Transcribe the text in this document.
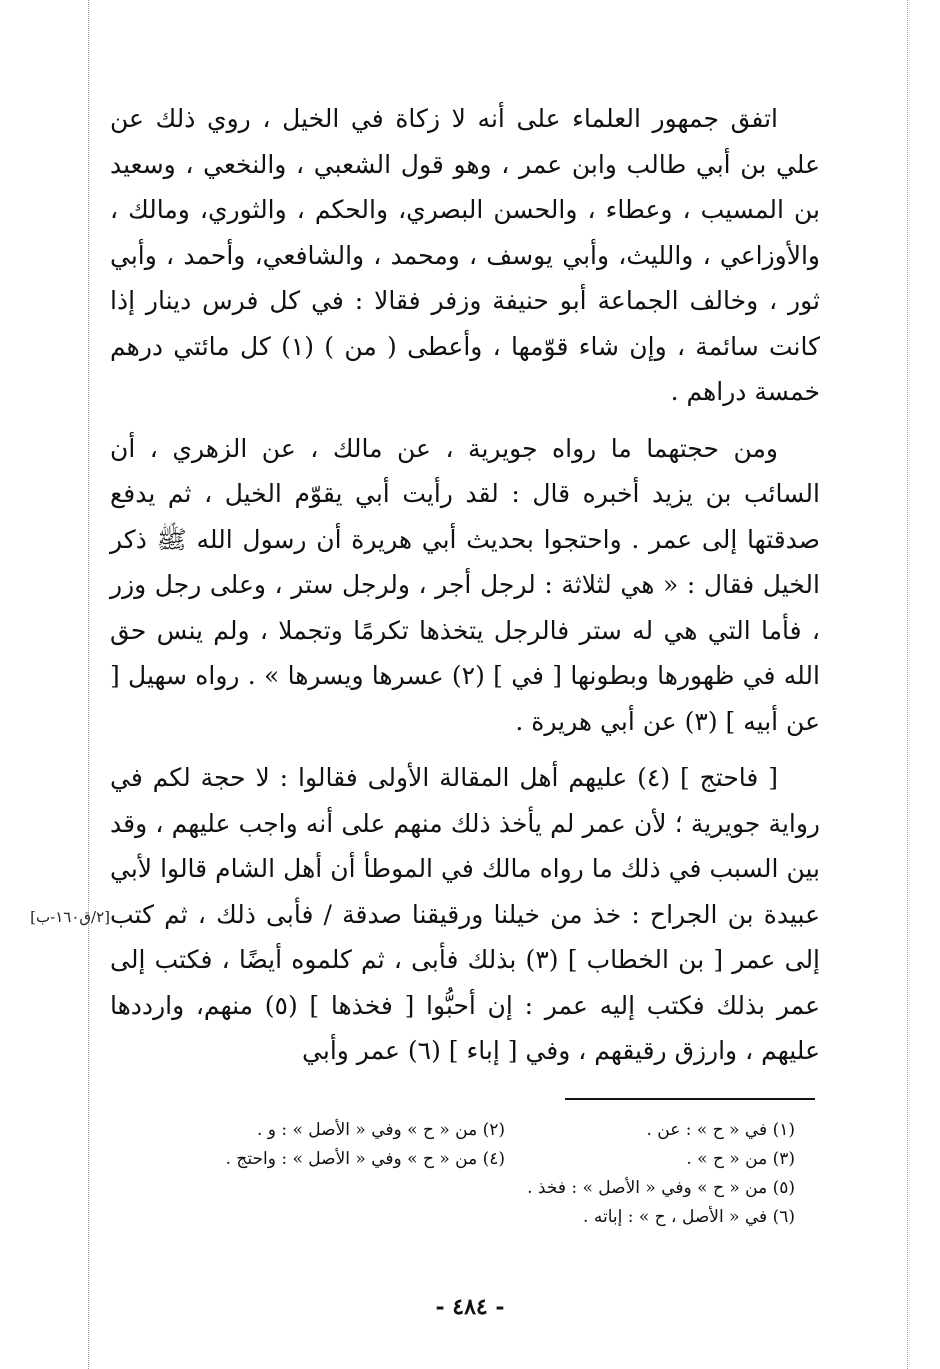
اتفق جمهور العلماء على أنه لا زكاة في الخيل ، روي ذلك عن علي بن أبي طالب وابن عمر ، وهو قول الشعبي ، والنخعي ، وسعيد بن المسيب ، وعطاء ، والحسن البصري، والحكم ، والثوري، ومالك ، والأوزاعي ، والليث، وأبي يوسف ، ومحمد ، والشافعي، وأحمد ، وأبي ثور ، وخالف الجماعة أبو حنيفة وزفر فقالا : في كل فرس دينار إذا كانت سائمة ، وإن شاء قوّمها ، وأعطى ( من ) (١) كل مائتي درهم خمسة دراهم .

ومن حجتهما ما رواه جويرية ، عن مالك ، عن الزهري ، أن السائب بن يزيد أخبره قال : لقد رأيت أبي يقوّم الخيل ، ثم يدفع صدقتها إلى عمر . واحتجوا بحديث أبي هريرة أن رسول الله ﷺ ذكر الخيل فقال : « هي لثلاثة : لرجل أجر ، ولرجل ستر ، وعلى رجل وزر ، فأما التي هي له ستر فالرجل يتخذها تكرمًا وتجملا ، ولم ينس حق الله في ظهورها وبطونها [ في ] (٢) عسرها ويسرها » . رواه سهيل [ عن أبيه ] (٣) عن أبي هريرة .

[ فاحتج ] (٤) عليهم أهل المقالة الأولى فقالوا : لا حجة لكم في رواية جويرية ؛ لأن عمر لم يأخذ ذلك منهم على أنه واجب عليهم ، وقد بين السبب في ذلك ما رواه مالك في الموطأ أن أهل الشام قالوا لأبي عبيدة بن الجراح : خذ من خيلنا ورقيقنا صدقة / فأبى ذلك ، ثم كتب إلى عمر [ بن الخطاب ] (٣) بذلك فأبى ، ثم كلموه أيضًا ، فكتب إلى عمر بذلك فكتب إليه عمر : إن أحبُّوا [ فخذها ] (٥) منهم، وارددها عليهم ، وارزق رقيقهم ، وفي [ إباء ] (٦) عمر وأبي

[٢/ق١٦٠-ب]
(١) في « ح » : عن .
(٢) من « ح » وفي « الأصل » : و .
(٣) من « ح » .
(٤) من « ح » وفي « الأصل » : واحتج .
(٥) من « ح » وفي « الأصل » : فخذ .
(٦) في « الأصل ، ح » : إباته .
- ٤٨٤ -
